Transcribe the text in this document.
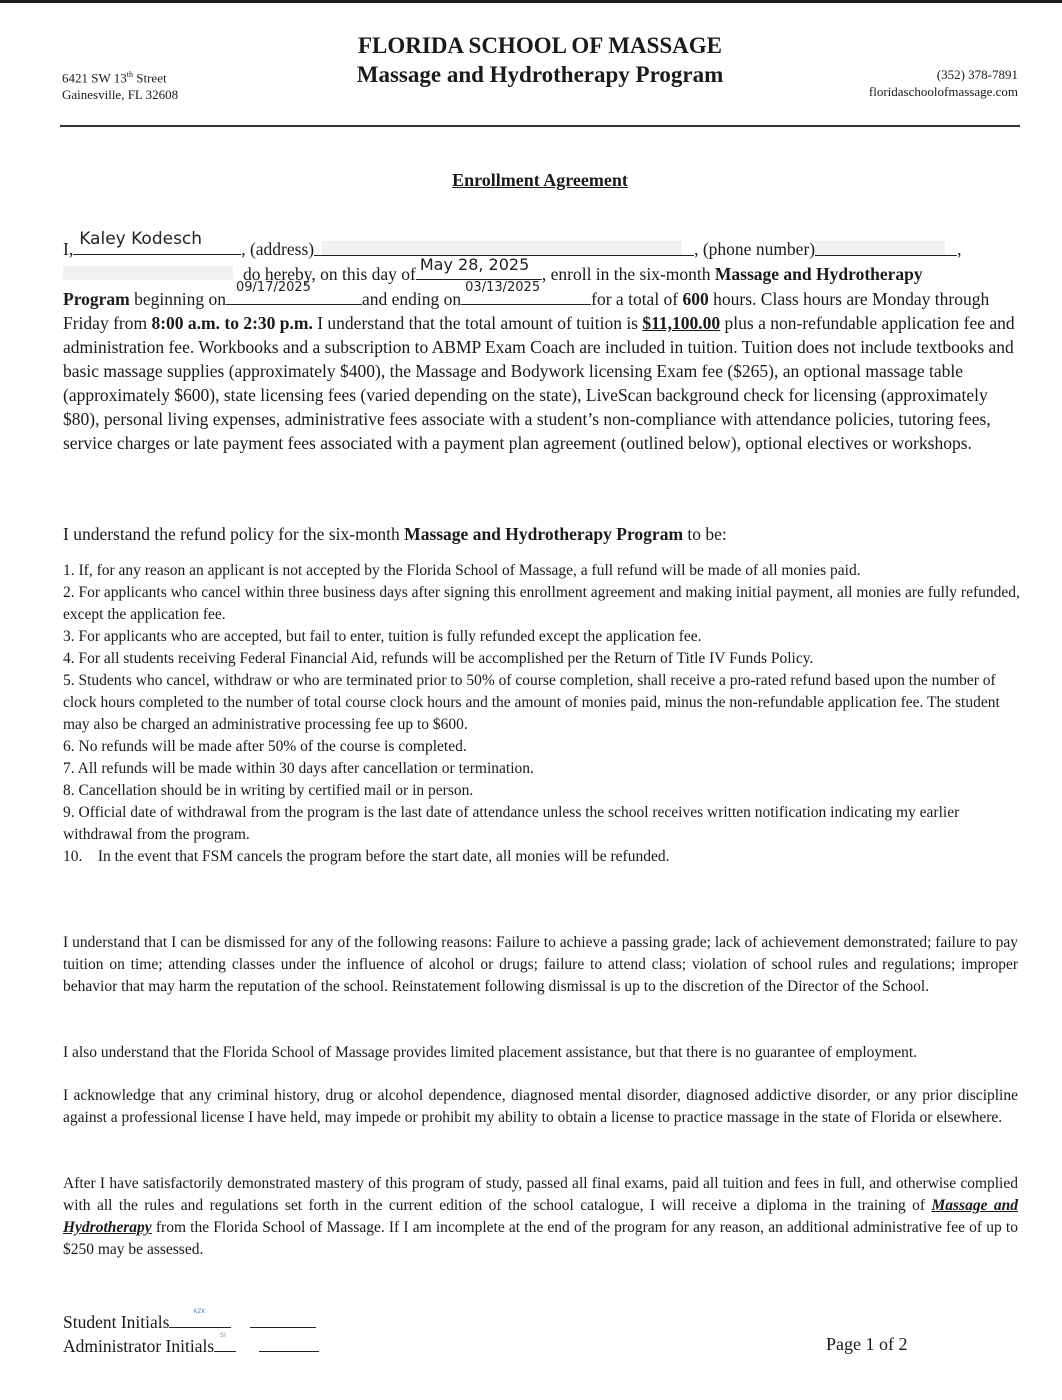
6421 SW 13th Street
Gainesville, FL 32608
FLORIDA SCHOOL OF MASSAGE
Massage and Hydrotherapy Program	(352) 378-7891
floridaschoolofmassage.com
Enrollment Agreement
I, Kaley Kodesch , (address)	, (phone number)	,
do hereby, on this day of May 28, 2025 , enroll in the six-month Massage and Hydrotherapy
Program beginning on
09/17/2025
and ending on
03/13/2025
for a total of 600 hours. Class hours are Monday through Friday from 8:00 a.m. to 2:30 p.m. I understand that the total amount of tuition is $11,100.00 plus a non-refundable application fee and administration fee. Workbooks and a subscription to ABMP Exam Coach are included in tuition. Tuition does not include textbooks and basic massage supplies (approximately $400), the Massage and Bodywork licensing Exam fee ($265), an optional massage table (approximately $600), state licensing fees (varied depending on the state), LiveScan background check for licensing (approximately $80), personal living expenses, administrative fees associate with a student’s non-compliance with attendance policies, tutoring fees, service charges or late payment fees associated with a payment plan agreement (outlined below), optional electives or workshops.
I understand the refund policy for the six-month Massage and Hydrotherapy Program to be:
1. If, for any reason an applicant is not accepted by the Florida School of Massage, a full refund will be made of all monies paid.
2. For applicants who cancel within three business days after signing this enrollment agreement and making initial payment, all monies are fully refunded, except the application fee.
3. For applicants who are accepted, but fail to enter, tuition is fully refunded except the application fee.
4. For all students receiving Federal Financial Aid, refunds will be accomplished per the Return of Title IV Funds Policy.
5. Students who cancel, withdraw or who are terminated prior to 50% of course completion, shall receive a pro-rated refund based upon the number of clock hours completed to the number of total course clock hours and the amount of monies paid, minus the non-refundable application fee. The student may also be charged an administrative processing fee up to $600.
6. No refunds will be made after 50% of the course is completed.
7. All refunds will be made within 30 days after cancellation or termination.
8. Cancellation should be in writing by certified mail or in person.
9. Official date of withdrawal from the program is the last date of attendance unless the school receives written notification indicating my earlier withdrawal from the program.
10.    In the event that FSM cancels the program before the start date, all monies will be refunded.
I understand that I can be dismissed for any of the following reasons: Failure to achieve a passing grade; lack of achievement demonstrated; failure to pay tuition on time; attending classes under the influence of alcohol or drugs; failure to attend class; violation of school rules and regulations; improper behavior that may harm the reputation of the school. Reinstatement following dismissal is up to the discretion of the Director of the School.
I also understand that the Florida School of Massage provides limited placement assistance, but that there is no guarantee of employment.
I acknowledge that any criminal history, drug or alcohol dependence, diagnosed mental disorder, diagnosed addictive disorder, or any prior discipline against a professional license I have held, may impede or prohibit my ability to obtain a license to practice massage in the state of Florida or elsewhere.
After I have satisfactorily demonstrated mastery of this program of study, passed all final exams, paid all tuition and fees in full, and otherwise complied with all the rules and regulations set forth in the current edition of the school catalogue, I will receive a diploma in the training of Massage and Hydrotherapy from the Florida School of Massage. If I am incomplete at the end of the program for any reason, an additional administrative fee of up to $250 may be assessed.
Student Initials
KZK

Administrator Initials
SI
	Page 1 of 2
